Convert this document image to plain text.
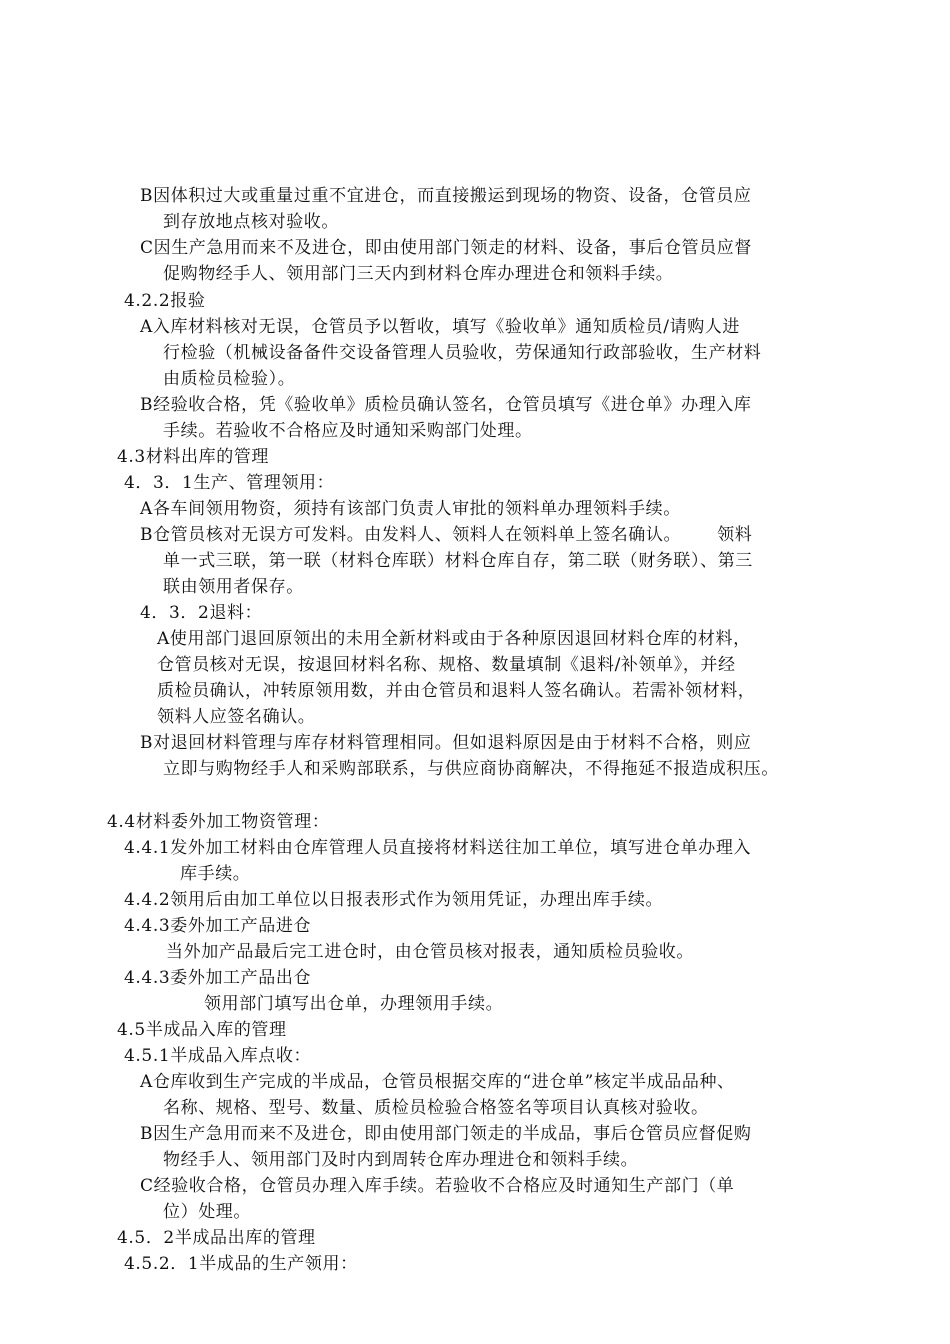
B因体积过大或重量过重不宜进仓，而直接搬运到现场的物资、设备，仓管员应
到存放地点核对验收。
C因生产急用而来不及进仓，即由使用部门领走的材料、设备，事后仓管员应督
促购物经手人、领用部门三天内到材料仓库办理进仓和领料手续。
4.2.2报验
A入库材料核对无误，仓管员予以暂收，填写《验收单》通知质检员/请购人进
行检验（机械设备备件交设备管理人员验收，劳保通知行政部验收，生产材料
由质检员检验）。
B经验收合格，凭《验收单》质检员确认签名，仓管员填写《进仓单》办理入库
手续。若验收不合格应及时通知采购部门处理。
4.3材料出库的管理
4．3．1生产、管理领用：
A各车间领用物资，须持有该部门负责人审批的领料单办理领料手续。
B仓管员核对无误方可发料。由发料人、领料人在领料单上签名确认。      领料
单一式三联，第一联（材料仓库联）材料仓库自存，第二联（财务联）、第三
联由领用者保存。
4．3．2退料：
A使用部门退回原领出的未用全新材料或由于各种原因退回材料仓库的材料，
仓管员核对无误，按退回材料名称、规格、数量填制《退料/补领单》，并经
质检员确认，冲转原领用数，并由仓管员和退料人签名确认。若需补领材料，
领料人应签名确认。
B对退回材料管理与库存材料管理相同。但如退料原因是由于材料不合格，则应
立即与购物经手人和采购部联系，与供应商协商解决，不得拖延不报造成积压。
4.4材料委外加工物资管理：
4.4.1发外加工材料由仓库管理人员直接将材料送往加工单位，填写进仓单办理入
库手续。
4.4.2领用后由加工单位以日报表形式作为领用凭证，办理出库手续。
4.4.3委外加工产品进仓
当外加产品最后完工进仓时，由仓管员核对报表，通知质检员验收。
4.4.3委外加工产品出仓
领用部门填写出仓单，办理领用手续。
4.5半成品入库的管理
4.5.1半成品入库点收：
A仓库收到生产完成的半成品，仓管员根据交库的“进仓单”核定半成品品种、
名称、规格、型号、数量、质检员检验合格签名等项目认真核对验收。
B因生产急用而来不及进仓，即由使用部门领走的半成品，事后仓管员应督促购
物经手人、领用部门及时内到周转仓库办理进仓和领料手续。
C经验收合格，仓管员办理入库手续。若验收不合格应及时通知生产部门（单
位）处理。
4.5．2半成品出库的管理
4.5.2．1半成品的生产领用：
